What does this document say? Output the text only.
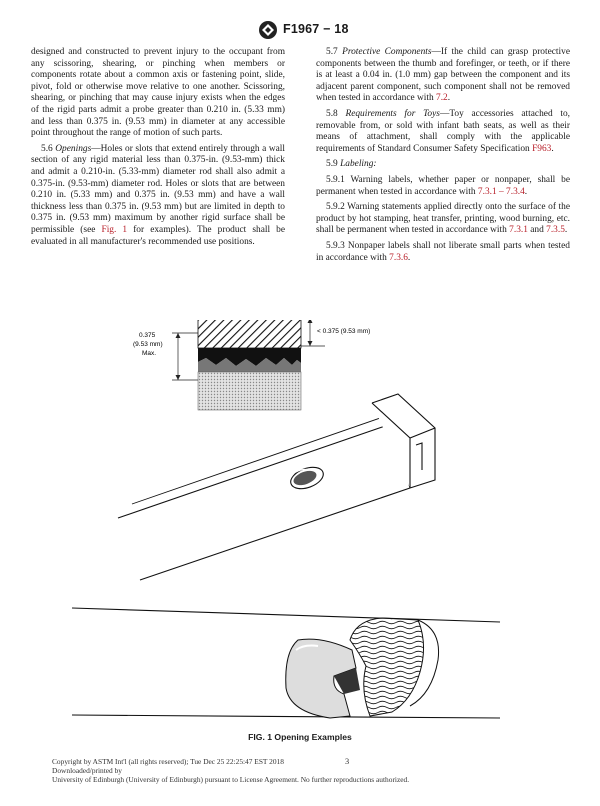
F1967 − 18

designed and constructed to prevent injury to the occupant from any scissoring, shearing, or pinching when members or components rotate about a common axis or fastening point, slide, pivot, fold or otherwise move relative to one another. Scissoring, shearing, or pinching that may cause injury exists when the edges of the rigid parts admit a probe greater than 0.210 in. (5.33 mm) and less than 0.375 in. (9.53 mm) in diameter at any accessible point throughout the range of motion of such parts.

5.6 Openings—Holes or slots that extend entirely through a wall section of any rigid material less than 0.375-in. (9.53-mm) thick and admit a 0.210-in. (5.33-mm) diameter rod shall also admit a 0.375-in. (9.53-mm) diameter rod. Holes or slots that are between 0.210 in. (5.33 mm) and 0.375 in. (9.53 mm) and have a wall thickness less than 0.375 in. (9.53 mm) but are limited in depth to 0.375 in. (9.53 mm) maximum by another rigid surface shall be permissible (see Fig. 1 for examples). The product shall be evaluated in all manufacturer's recommended use positions.

5.7 Protective Components—If the child can grasp protective components between the thumb and forefinger, or teeth, or if there is at least a 0.04 in. (1.0 mm) gap between the component and its adjacent parent component, such component shall not be removed when tested in accordance with 7.2.

5.8 Requirements for Toys—Toy accessories attached to, removable from, or sold with infant bath seats, as well as their means of attachment, shall comply with the applicable requirements of Standard Consumer Safety Specification F963.

5.9 Labeling:

5.9.1 Warning labels, whether paper or nonpaper, shall be permanent when tested in accordance with 7.3.1 – 7.3.4.

5.9.2 Warning statements applied directly onto the surface of the product by hot stamping, heat transfer, printing, wood burning, etc. shall be permanent when tested in accordance with 7.3.1 and 7.3.5.

5.9.3 Nonpaper labels shall not liberate small parts when tested in accordance with 7.3.6.

0.375
(9.53 mm)
Max.
< 0.375 (9.53 mm)
FIG. 1 Opening Examples
Copyright by ASTM Int'l (all rights reserved); Tue Dec 25 22:25:47 EST 2018	3
Downloaded/printed by
University of Edinburgh (University of Edinburgh) pursuant to License Agreement. No further reproductions authorized.
